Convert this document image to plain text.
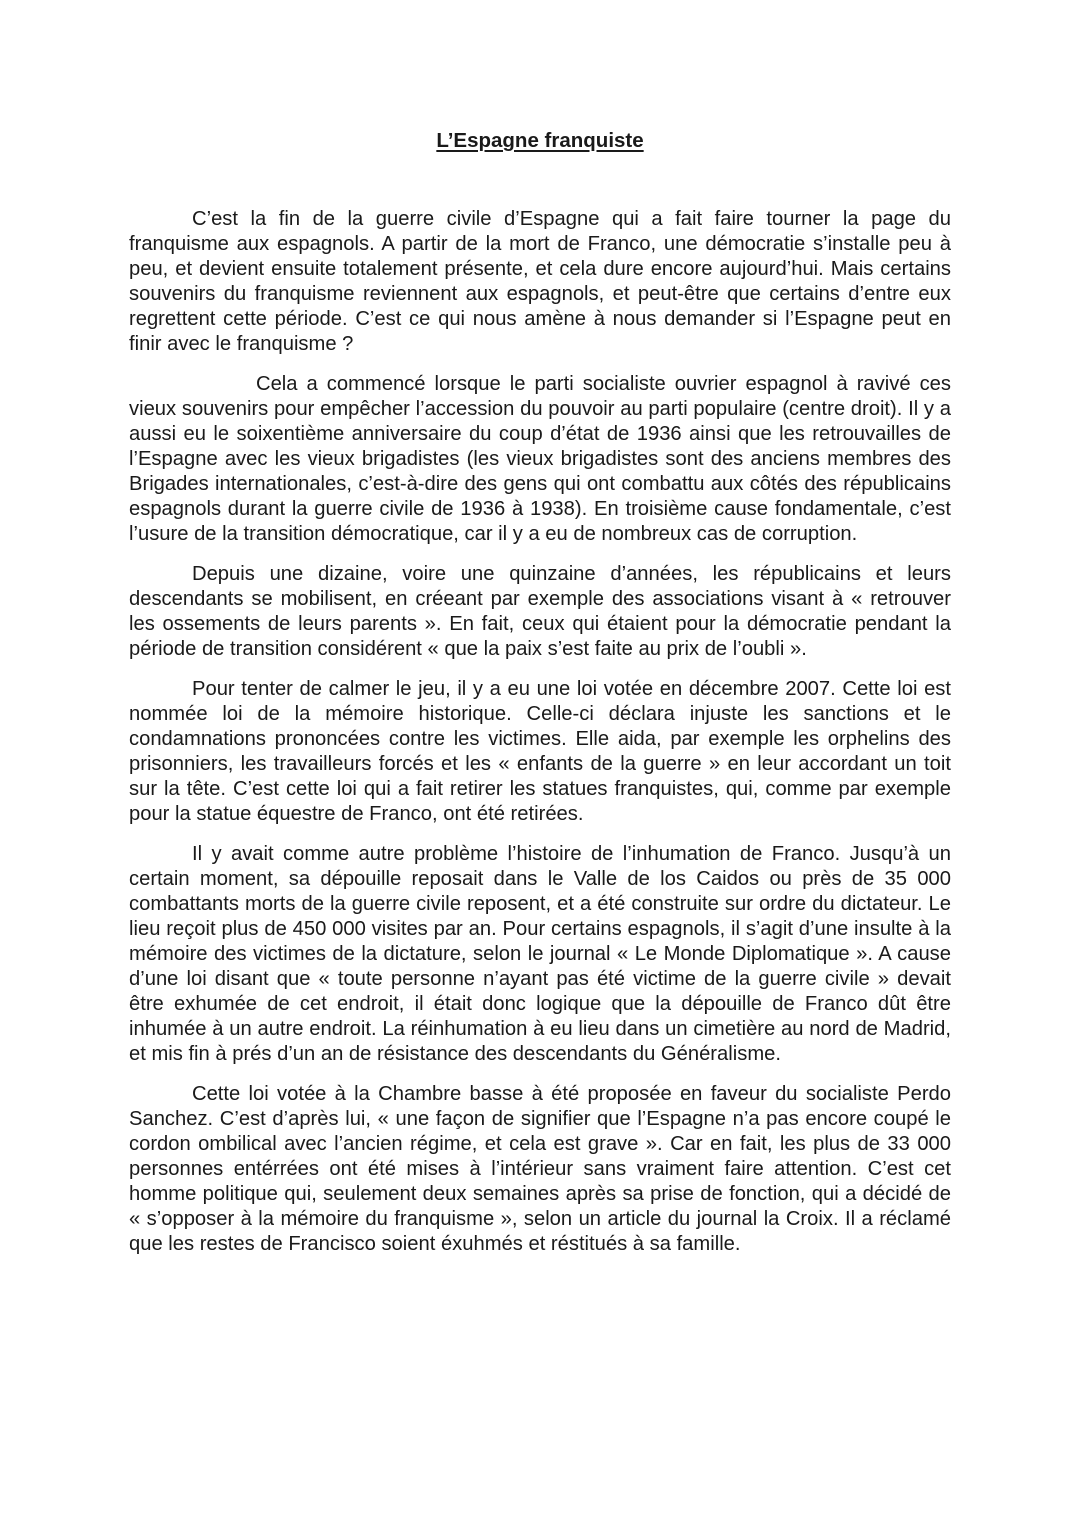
L’Espagne franquiste

C’est la fin de la guerre civile d’Espagne qui a fait faire tourner la page du franquisme aux espagnols. A partir de la mort de Franco, une démocratie s’installe peu à peu, et devient ensuite totalement présente, et cela dure encore aujourd’hui. Mais certains souvenirs du franquisme reviennent aux espagnols, et peut-être que certains d’entre eux regrettent cette période. C’est ce qui nous amène à nous demander si l’Espagne peut en finir avec le franquisme ?

Cela a commencé lorsque le parti socialiste ouvrier espagnol à ravivé ces vieux souvenirs pour empêcher l’accession du pouvoir au parti populaire (centre droit). Il y a aussi eu le soixentième anniversaire du coup d’état de 1936 ainsi que les retrouvailles de l’Espagne avec les vieux brigadistes (les vieux brigadistes sont des anciens membres des Brigades internationales, c’est-à-dire des gens qui ont combattu aux côtés des républicains espagnols durant la guerre civile de 1936 à 1938). En troisième cause fondamentale, c’est l’usure de la transition démocratique, car il y a eu de nombreux cas de corruption.

Depuis une dizaine, voire une quinzaine d’années, les républicains et leurs descendants se mobilisent, en créeant par exemple des associations visant à « retrouver les ossements de leurs parents ». En fait, ceux qui étaient pour la démocratie pendant la période de transition considérent « que la paix s’est faite au prix de l’oubli ».

Pour tenter de calmer le jeu, il y a eu une loi votée en décembre 2007. Cette loi est nommée loi de la mémoire historique. Celle-ci déclara injuste les sanctions et le condamnations prononcées contre les victimes. Elle aida, par exemple les orphelins des prisonniers, les travailleurs forcés et les « enfants de la guerre » en leur accordant un toit sur la tête. C’est cette loi qui a fait retirer les statues franquistes, qui, comme par exemple pour la statue équestre de Franco, ont été retirées.

Il y avait comme autre problème l’histoire de l’inhumation de Franco. Jusqu’à un certain moment, sa dépouille reposait dans le Valle de los Caidos ou près de 35 000 combattants morts de la guerre civile reposent, et a été construite sur ordre du dictateur. Le lieu reçoit plus de 450 000 visites par an. Pour certains espagnols, il s’agit d’une insulte à la mémoire des victimes de la dictature, selon le journal « Le Monde Diplomatique ». A cause d’une loi disant que « toute personne n’ayant pas été victime de la guerre civile » devait être exhumée de cet endroit, il était donc logique que la dépouille de Franco dût être inhumée à un autre endroit. La réinhumation à eu lieu dans un cimetière au nord de Madrid, et mis fin à prés d’un an de résistance des descendants du Généralisme.

Cette loi votée à la Chambre basse à été proposée en faveur du socialiste Perdo Sanchez. C’est d’après lui, « une façon de signifier que l’Espagne n’a pas encore coupé le cordon ombilical avec l’ancien régime, et cela est grave ». Car en fait, les plus de 33 000 personnes entérrées ont été mises à l’intérieur sans vraiment faire attention. C’est cet homme politique qui, seulement deux semaines après sa prise de fonction, qui a décidé de « s’opposer à la mémoire du franquisme », selon un article du journal la Croix. Il a réclamé que les restes de Francisco soient éxuhmés et réstitués à sa famille.
